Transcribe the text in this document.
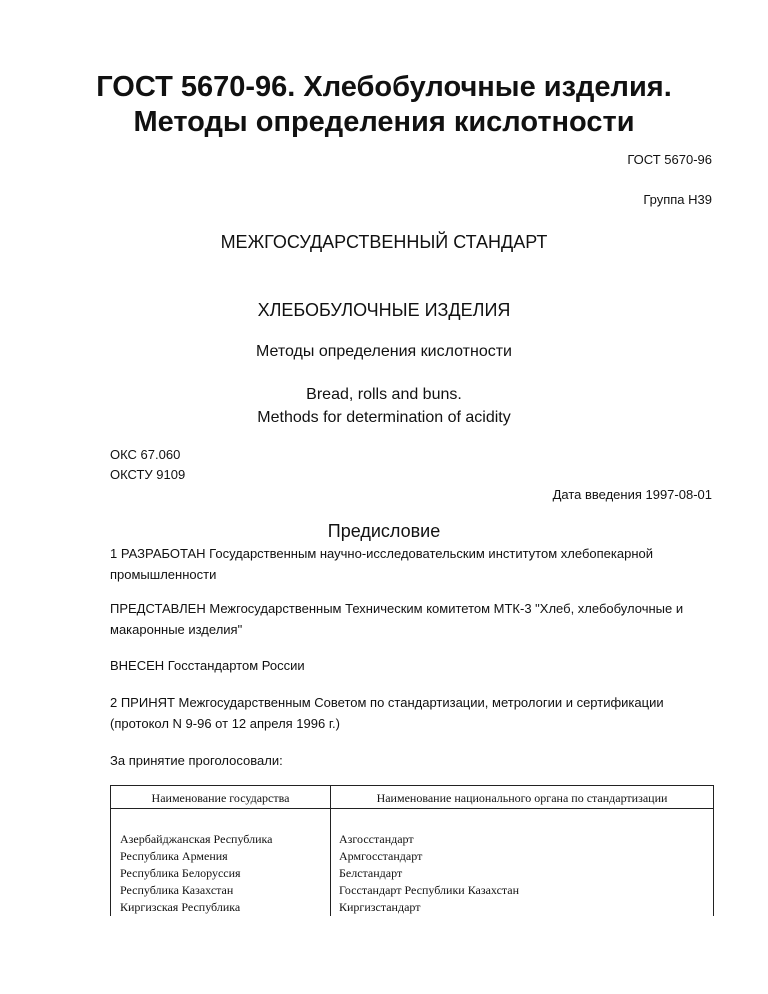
ГОСТ 5670-96. Хлебобулочные изделия.
Методы определения кислотности
ГОСТ 5670-96
Группа Н39
МЕЖГОСУДАРСТВЕННЫЙ СТАНДАРТ
ХЛЕБОБУЛОЧНЫЕ ИЗДЕЛИЯ
Методы определения кислотности
Bread, rolls and buns.
Methods for determination of acidity
ОКС 67.060
ОКСТУ 9109
Дата введения 1997-08-01
Предисловие

1 РАЗРАБОТАН Государственным научно-исследовательским институтом хлебопекарной промышленности

ПРЕДСТАВЛЕН Межгосударственным Техническим комитетом МТК-3 "Хлеб, хлебобулочные и макаронные изделия"

ВНЕСЕН Госстандартом России

2 ПРИНЯТ Межгосударственным Советом по стандартизации, метрологии и сертификации (протокол N 9-96 от 12 апреля 1996 г.)

За принятие проголосовали:

Наименование государства	Наименование национального органа по стандартизации

Азербайджанская Республика	Азгосстандарт
Республика Армения	Армгосстандарт
Республика Белоруссия	Белстандарт
Республика Казахстан	Госстандарт Республики Казахстан
Киргизская Республика	Киргизстандарт
